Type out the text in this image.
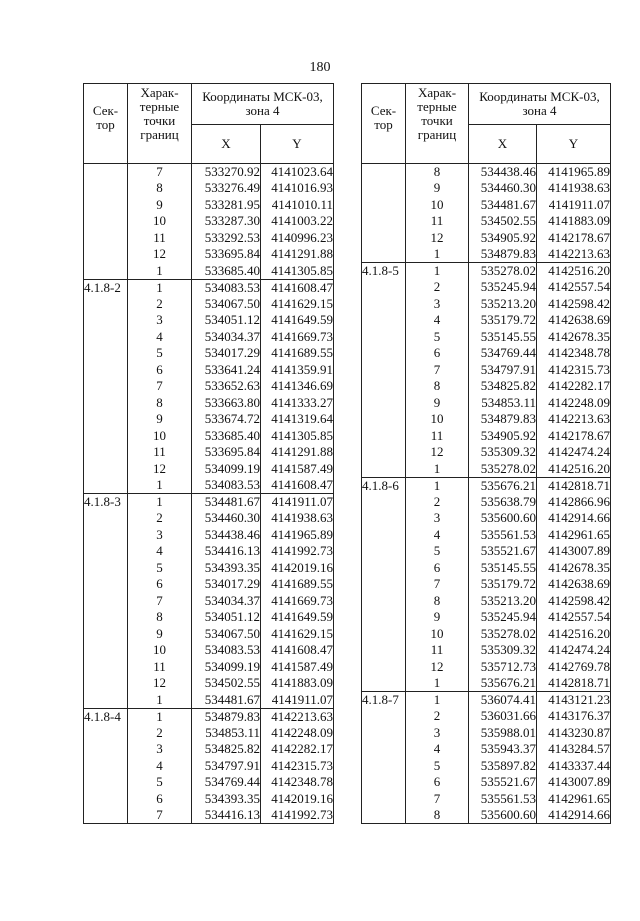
180
Сек-тор	Харак-терные точки границ	Координаты МСК-03, зона 4	
		X	Y
	7	533270.92	4141023.64
	8	533276.49	4141016.93
	9	533281.95	4141010.11
	10	533287.30	4141003.22
	11	533292.53	4140996.23
	12	533695.84	4141291.88
	1	533685.40	4141305.85
4.1.8-2	1	534083.53	4141608.47
	2	534067.50	4141629.15
	3	534051.12	4141649.59
	4	534034.37	4141669.73
	5	534017.29	4141689.55
	6	533641.24	4141359.91
	7	533652.63	4141346.69
	8	533663.80	4141333.27
	9	533674.72	4141319.64
	10	533685.40	4141305.85
	11	533695.84	4141291.88
	12	534099.19	4141587.49
	1	534083.53	4141608.47
4.1.8-3	1	534481.67	4141911.07
	2	534460.30	4141938.63
	3	534438.46	4141965.89
	4	534416.13	4141992.73
	5	534393.35	4142019.16
	6	534017.29	4141689.55
	7	534034.37	4141669.73
	8	534051.12	4141649.59
	9	534067.50	4141629.15
	10	534083.53	4141608.47
	11	534099.19	4141587.49
	12	534502.55	4141883.09
	1	534481.67	4141911.07
4.1.8-4	1	534879.83	4142213.63
	2	534853.11	4142248.09
	3	534825.82	4142282.17
	4	534797.91	4142315.73
	5	534769.44	4142348.78
	6	534393.35	4142019.16
	7	534416.13	4141992.73
Сек-тор	Харак-терные точки границ	Координаты МСК-03, зона 4	
		X	Y
	8	534438.46	4141965.89
	9	534460.30	4141938.63
	10	534481.67	4141911.07
	11	534502.55	4141883.09
	12	534905.92	4142178.67
	1	534879.83	4142213.63
4.1.8-5	1	535278.02	4142516.20
	2	535245.94	4142557.54
	3	535213.20	4142598.42
	4	535179.72	4142638.69
	5	535145.55	4142678.35
	6	534769.44	4142348.78
	7	534797.91	4142315.73
	8	534825.82	4142282.17
	9	534853.11	4142248.09
	10	534879.83	4142213.63
	11	534905.92	4142178.67
	12	535309.32	4142474.24
	1	535278.02	4142516.20
4.1.8-6	1	535676.21	4142818.71
	2	535638.79	4142866.96
	3	535600.60	4142914.66
	4	535561.53	4142961.65
	5	535521.67	4143007.89
	6	535145.55	4142678.35
	7	535179.72	4142638.69
	8	535213.20	4142598.42
	9	535245.94	4142557.54
	10	535278.02	4142516.20
	11	535309.32	4142474.24
	12	535712.73	4142769.78
	1	535676.21	4142818.71
4.1.8-7	1	536074.41	4143121.23
	2	536031.66	4143176.37
	3	535988.01	4143230.87
	4	535943.37	4143284.57
	5	535897.82	4143337.44
	6	535521.67	4143007.89
	7	535561.53	4142961.65
	8	535600.60	4142914.66
